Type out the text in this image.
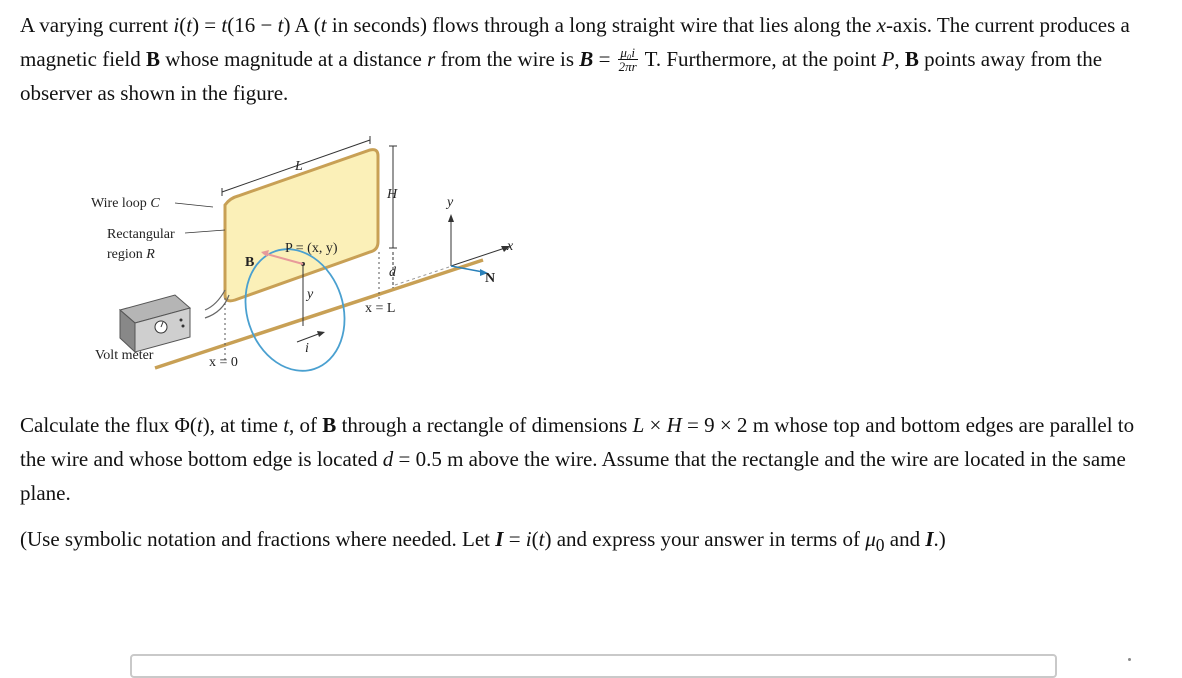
A varying current i(t) = t(16 − t) A (t in seconds) flows through a long straight wire that lies along the x-axis. The current produces a magnetic field B whose magnitude at a distance r from the wire is $B = \frac{\text{μ₀i}}{2\pi r} T$. Furthermore, at the point P, B points away from the observer as shown in the figure.

Wire loop C
Rectangular
region R
Volt meter
L
H
d
y
x
N
P = (x, y)
B
y
i
x = 0
x = L

Calculate the flux Φ(t), at time t, of B through a rectangle of dimensions L × H = 9 × 2 m whose top and bottom edges are parallel to the wire and whose bottom edge is located d = 0.5 m above the wire. Assume that the rectangle and the wire are located in the same plane.

(Use symbolic notation and fractions where needed. Let I = i(t) and express your answer in terms of $\mu_0$ and I.)
